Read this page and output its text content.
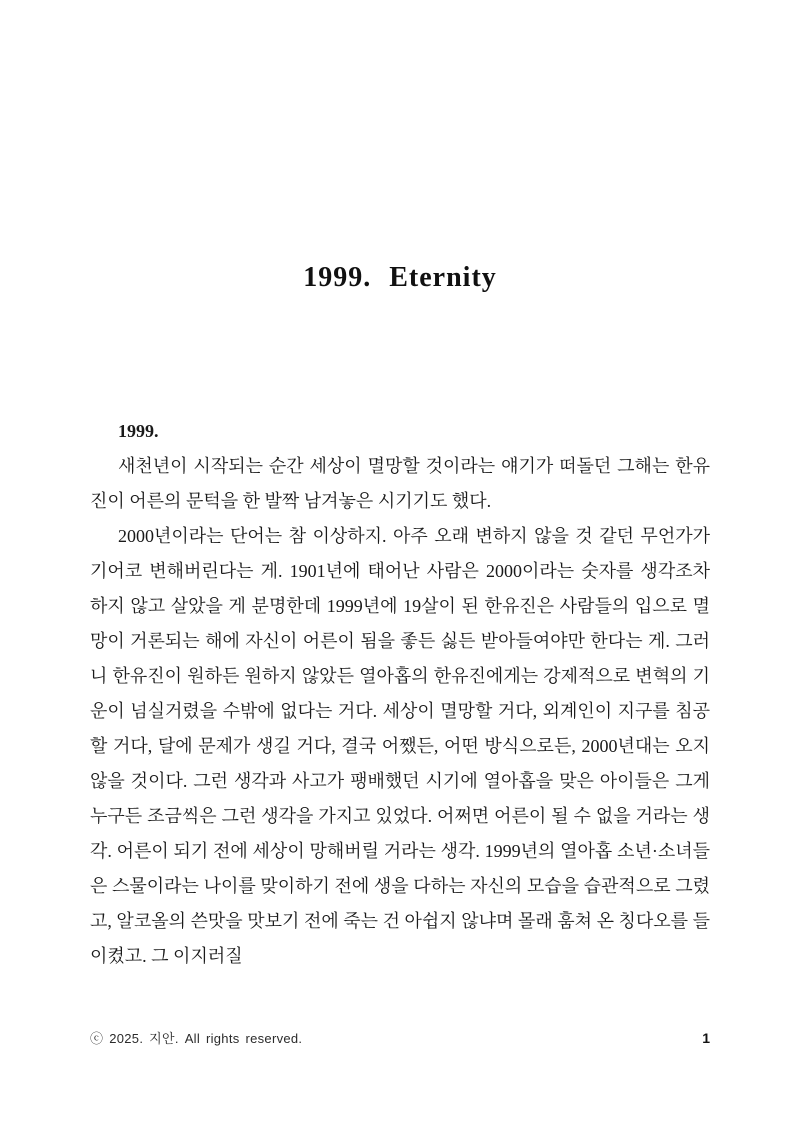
1999. Eternity

1999.

새천년이 시작되는 순간 세상이 멸망할 것이라는 얘기가 떠돌던 그해는 한유진이 어른의 문턱을 한 발짝 남겨놓은 시기기도 했다.

2000년이라는 단어는 참 이상하지. 아주 오래 변하지 않을 것 같던 무언가가 기어코 변해버린다는 게. 1901년에 태어난 사람은 2000이라는 숫자를 생각조차 하지 않고 살았을 게 분명한데 1999년에 19살이 된 한유진은 사람들의 입으로 멸망이 거론되는 해에 자신이 어른이 됨을 좋든 싫든 받아들여야만 한다는 게. 그러니 한유진이 원하든 원하지 않았든 열아홉의 한유진에게는 강제적으로 변혁의 기운이 넘실거렸을 수밖에 없다는 거다. 세상이 멸망할 거다, 외계인이 지구를 침공할 거다, 달에 문제가 생길 거다, 결국 어쨌든, 어떤 방식으로든, 2000년대는 오지 않을 것이다. 그런 생각과 사고가 팽배했던 시기에 열아홉을 맞은 아이들은 그게 누구든 조금씩은 그런 생각을 가지고 있었다. 어쩌면 어른이 될 수 없을 거라는 생각. 어른이 되기 전에 세상이 망해버릴 거라는 생각. 1999년의 열아홉 소년·소녀들은 스물이라는 나이를 맞이하기 전에 생을 다하는 자신의 모습을 습관적으로 그렸고, 알코올의 쓴맛을 맛보기 전에 죽는 건 아쉽지 않냐며 몰래 훔쳐 온 칭다오를 들이켰고. 그 이지러질

ⓒ 2025. 지안. All rights reserved.	1
